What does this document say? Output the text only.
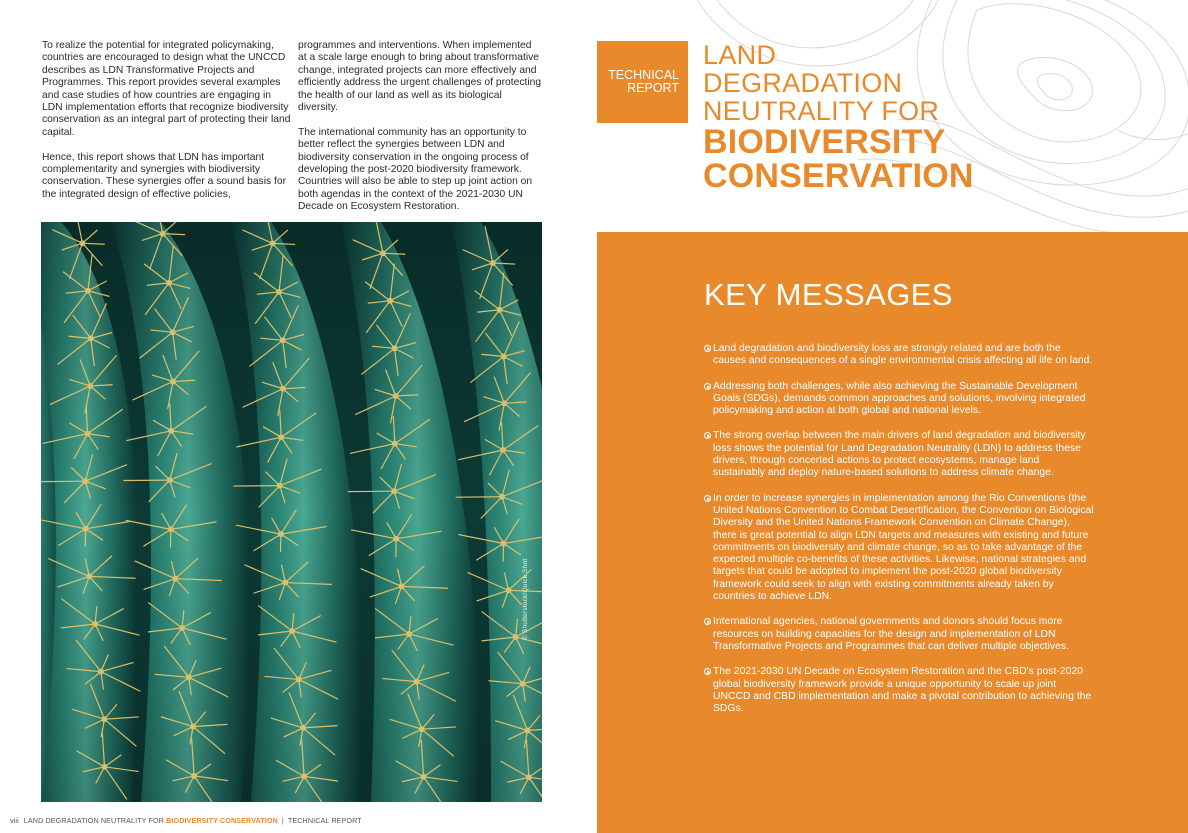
To realize the potential for integrated policymaking, countries are encouraged to design what the UNCCD describes as LDN Transformative Projects and Programmes. This report provides several examples and case studies of how countries are engaging in LDN implementation efforts that recognize biodiversity conservation as an integral part of protecting their land capital.

Hence, this report shows that LDN has important complementarity and synergies with biodiversity conservation. These synergies offer a sound basis for the integrated design of effective policies,

programmes and interventions. When implemented at a scale large enough to bring about transformative change, integrated projects can more effectively and efficiently address the urgent challenges of protecting the health of our land as well as its biological diversity.

The international community has an opportunity to better reflect the synergies between LDN and biodiversity conservation in the ongoing process of developing the post-2020 biodiversity framework. Countries will also be able to step up joint action on both agendas in the context of the 2021-2030 UN Decade on Ecosystem Restoration.

© Shutterstock/Quick Shot
viii LAND DEGRADATION NEUTRALITY FOR BIODIVERSITY CONSERVATION | TECHNICAL REPORT
TECHNICAL
REPORT
LAND
DEGRADATION
NEUTRALITY FOR
BIODIVERSITY
CONSERVATION
KEY MESSAGES
Land degradation and biodiversity loss are strongly related and are both the causes and consequences of a single environmental crisis affecting all life on land.
Addressing both challenges, while also achieving the Sustainable Development Goals (SDGs), demands common approaches and solutions, involving integrated policymaking and action at both global and national levels.
The strong overlap between the main drivers of land degradation and biodiversity loss shows the potential for Land Degradation Neutrality (LDN) to address these drivers, through concerted actions to protect ecosystems, manage land sustainably and deploy nature-based solutions to address climate change.
In order to increase synergies in implementation among the Rio Conventions (the United Nations Convention to Combat Desertification, the Convention on Biological Diversity and the United Nations Framework Convention on Climate Change), there is great potential to align LDN targets and measures with existing and future commitments on biodiversity and climate change, so as to take advantage of the expected multiple co-benefits of these activities. Likewise, national strategies and targets that could be adopted to implement the post-2020 global biodiversity framework could seek to align with existing commitments already taken by countries to achieve LDN.
International agencies, national governments and donors should focus more resources on building capacities for the design and implementation of LDN Transformative Projects and Programmes that can deliver multiple objectives.
The 2021-2030 UN Decade on Ecosystem Restoration and the CBD's post-2020 global biodiversity framework provide a unique opportunity to scale up joint UNCCD and CBD implementation and make a pivotal contribution to achieving the SDGs.
